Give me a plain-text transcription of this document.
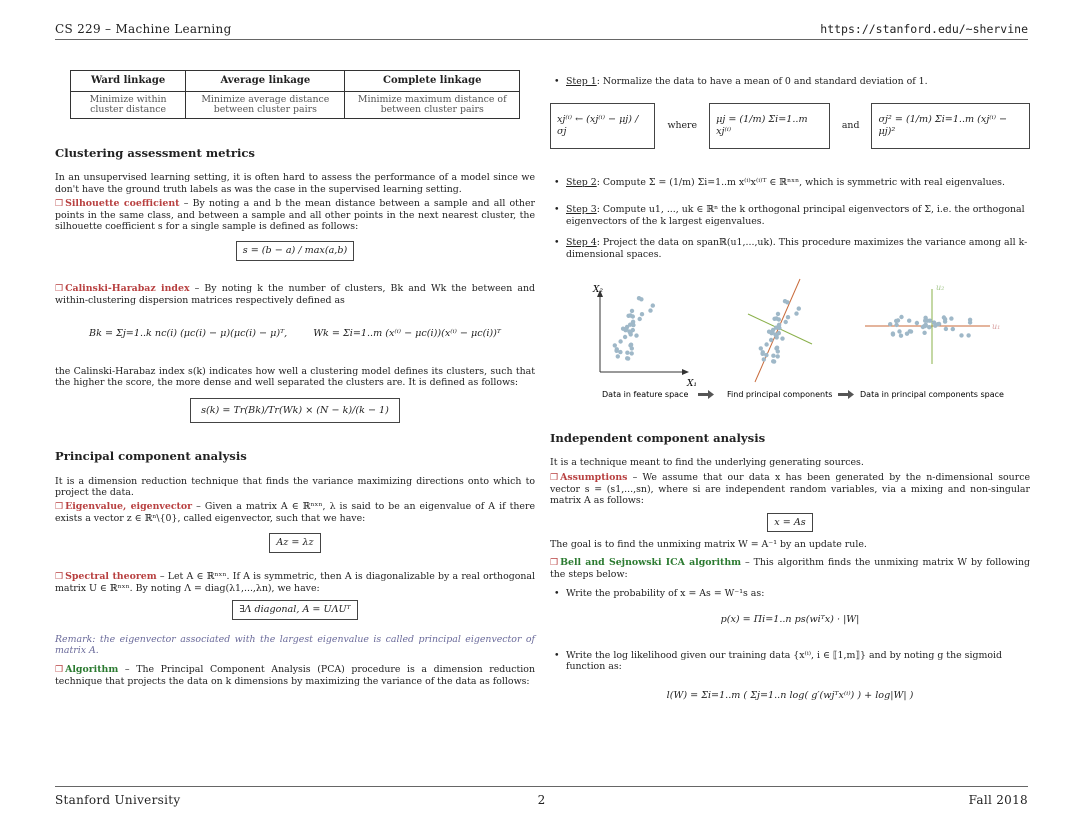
CS 229 – Machine Learning	https://stanford.edu/~shervine
Ward linkage	Average linkage	Complete linkage
Minimize within cluster distance	Minimize average distance between cluster pairs	Minimize maximum distance of between cluster pairs
Clustering assessment metrics

In an unsupervised learning setting, it is often hard to assess the performance of a model since we don't have the ground truth labels as was the case in the supervised learning setting.

❒ Silhouette coefficient – By noting a and b the mean distance between a sample and all other points in the same class, and between a sample and all other points in the next nearest cluster, the silhouette coefficient s for a single sample is defined as follows:

s = (b − a) / max(a,b)

❒ Calinski-Harabaz index – By noting k the number of clusters, Bk and Wk the between and within-clustering dispersion matrices respectively defined as

Bk = Σj=1..k nc(i) (μc(i) − μ)(μc(i) − μ)ᵀ,	Wk = Σi=1..m (x⁽ⁱ⁾ − μc(i))(x⁽ⁱ⁾ − μc(i))ᵀ

the Calinski-Harabaz index s(k) indicates how well a clustering model defines its clusters, such that the higher the score, the more dense and well separated the clusters are. It is defined as follows:

s(k) = Tr(Bk)/Tr(Wk) × (N − k)/(k − 1)
Principal component analysis

It is a dimension reduction technique that finds the variance maximizing directions onto which to project the data.

❒ Eigenvalue, eigenvector – Given a matrix A ∈ ℝⁿˣⁿ, λ is said to be an eigenvalue of A if there exists a vector z ∈ ℝⁿ\{0}, called eigenvector, such that we have:

Az = λz

❒ Spectral theorem – Let A ∈ ℝⁿˣⁿ. If A is symmetric, then A is diagonalizable by a real orthogonal matrix U ∈ ℝⁿˣⁿ. By noting Λ = diag(λ1,...,λn), we have:

∃Λ diagonal, A = UΛUᵀ

Remark: the eigenvector associated with the largest eigenvalue is called principal eigenvector of matrix A.

❒ Algorithm – The Principal Component Analysis (PCA) procedure is a dimension reduction technique that projects the data on k dimensions by maximizing the variance of the data as follows:

• Step 1: Normalize the data to have a mean of 0 and standard deviation of 1.
xj⁽ⁱ⁾ ← (xj⁽ⁱ⁾ − μj) / σj
where
μj = (1/m) Σi=1..m xj⁽ⁱ⁾
and
σj² = (1/m) Σi=1..m (xj⁽ⁱ⁾ − μj)²
• Step 2: Compute Σ = (1/m) Σi=1..m x⁽ⁱ⁾x⁽ⁱ⁾ᵀ ∈ ℝⁿˣⁿ, which is symmetric with real eigenvalues.
• Step 3: Compute u1, ..., uk ∈ ℝⁿ the k orthogonal principal eigenvectors of Σ, i.e. the orthogonal eigenvectors of the k largest eigenvalues.
• Step 4: Project the data on spanℝ(u1,...,uk). This procedure maximizes the variance among all k-dimensional spaces.
X₂
X₁
u₁
u₂
Data in feature space	Find principal components	Data in principal components space
Independent component analysis

It is a technique meant to find the underlying generating sources.

❒ Assumptions – We assume that our data x has been generated by the n-dimensional source vector s = (s1,...,sn), where si are independent random variables, via a mixing and non-singular matrix A as follows:

x = As

The goal is to find the unmixing matrix W = A⁻¹ by an update rule.

❒ Bell and Sejnowski ICA algorithm – This algorithm finds the unmixing matrix W by following the steps below:

• Write the probability of x = As = W⁻¹s as:
p(x) = Πi=1..n ps(wiᵀx) · |W|
• Write the log likelihood given our training data {x⁽ⁱ⁾, i ∈ ⟦1,m⟧} and by noting g the sigmoid function as:
l(W) = Σi=1..m ( Σj=1..n log( g′(wjᵀx⁽ⁱ⁾) ) + log|W| )
Stanford University	2	Fall 2018
